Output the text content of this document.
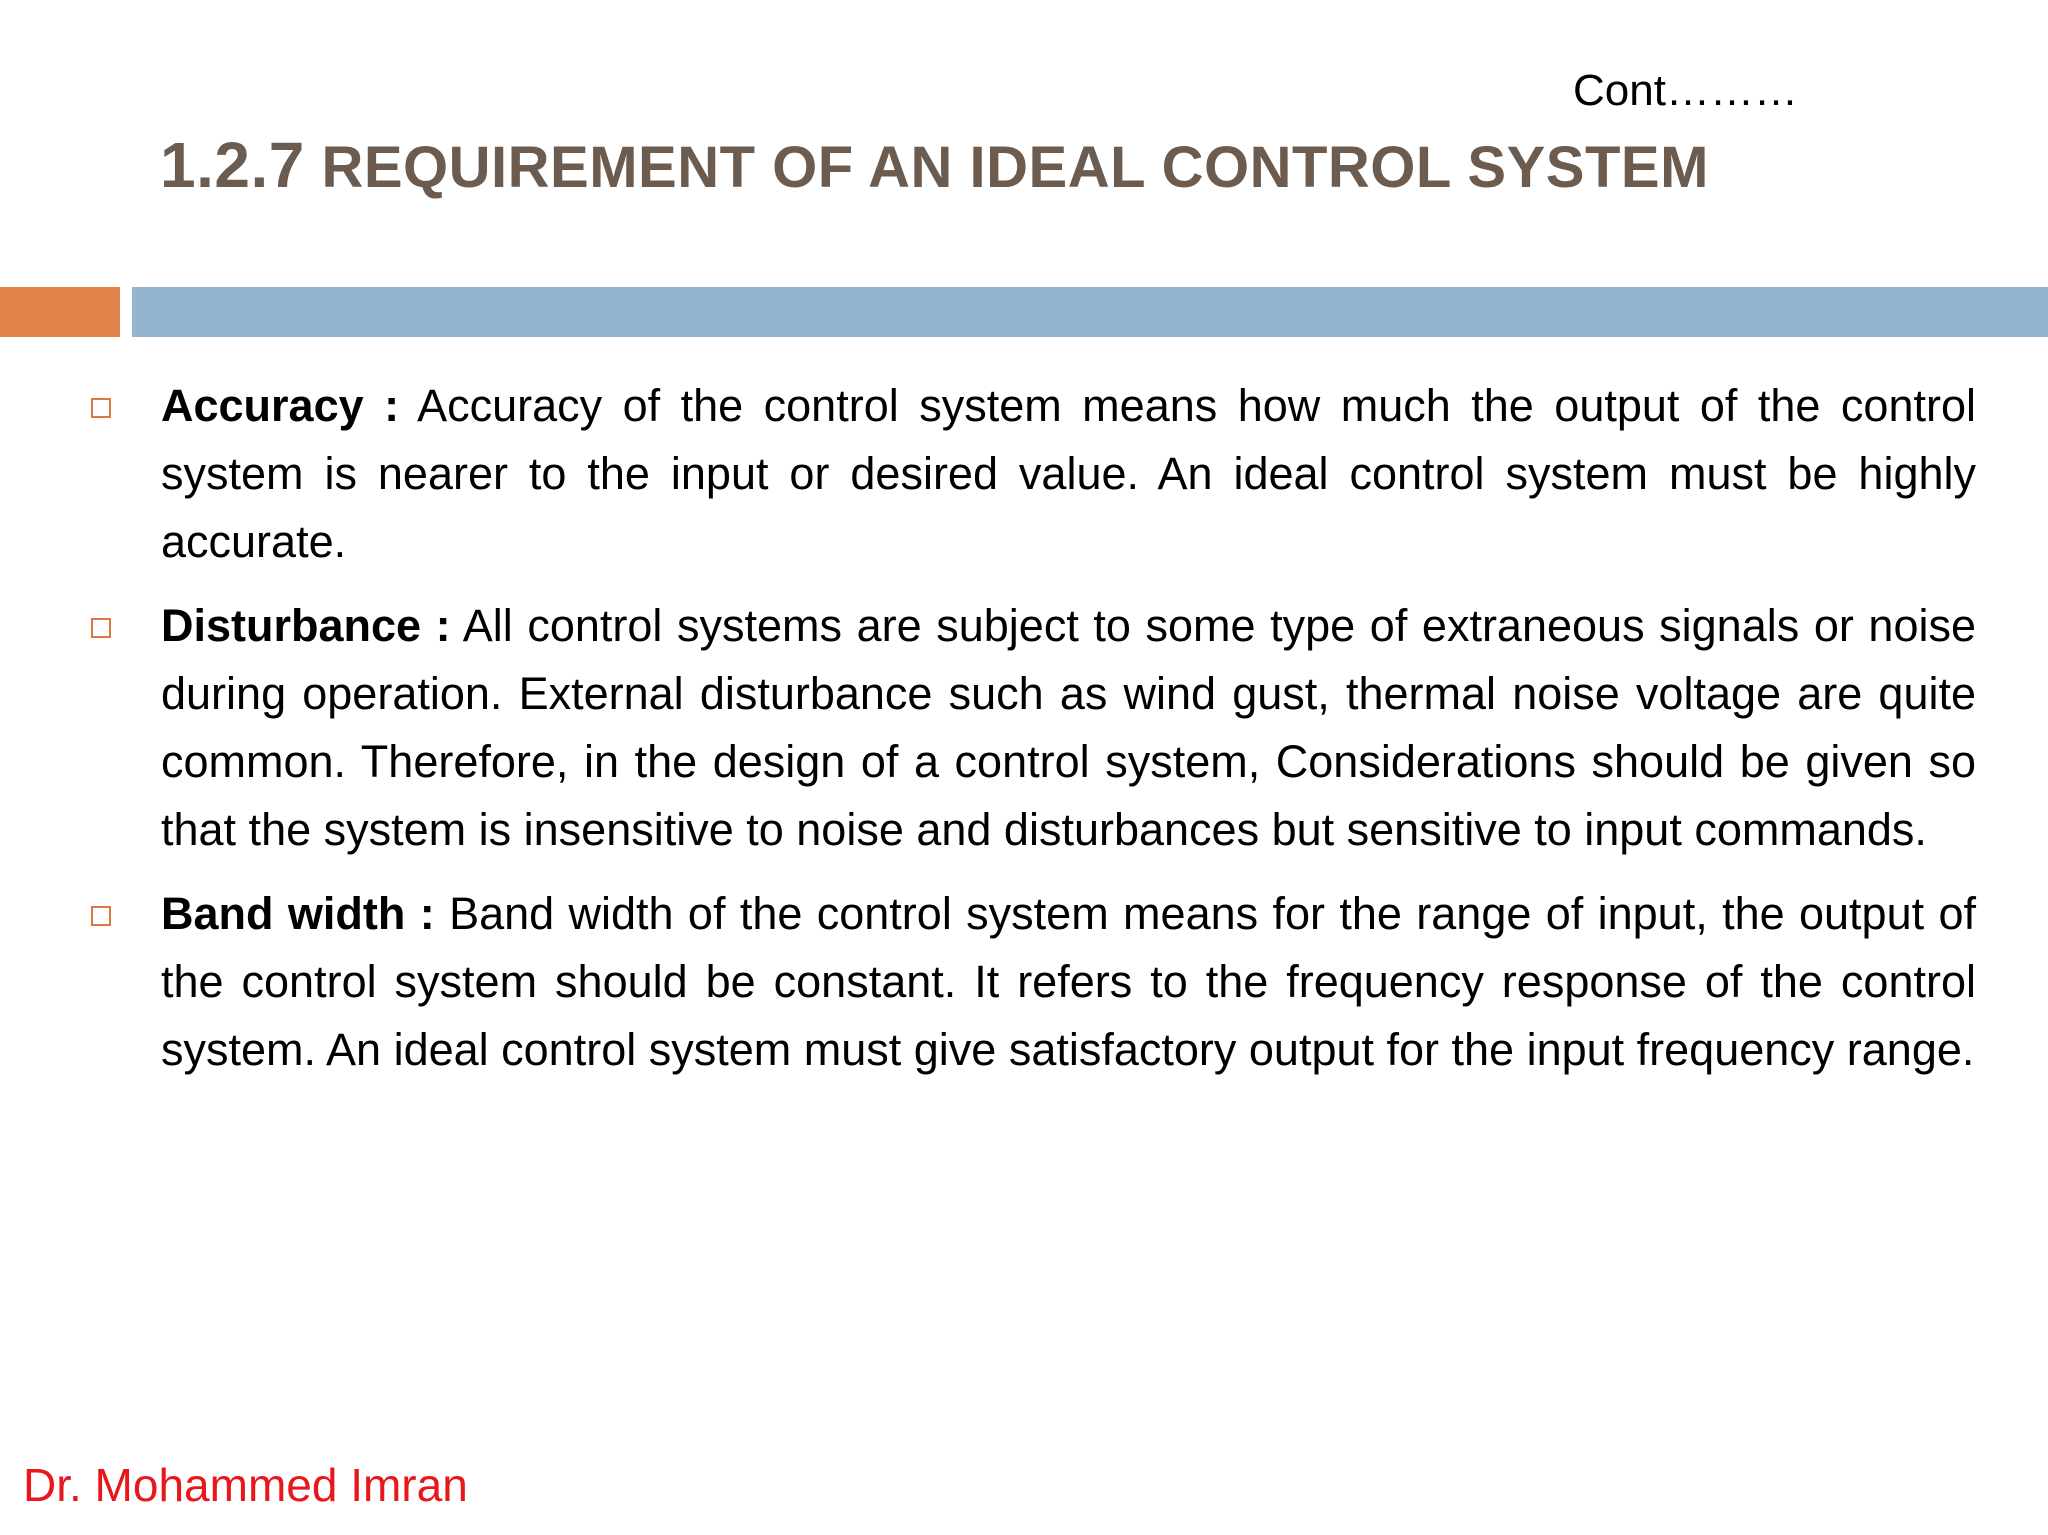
Cont………
1.2.7 REQUIREMENT OF AN IDEAL CONTROL SYSTEM
Accuracy : Accuracy of the control system means how much the output of the control system is nearer to the input or desired value. An ideal control system must be highly accurate.
Disturbance : All control systems are subject to some type of extraneous signals or noise during operation. External disturbance such as wind gust, thermal noise voltage are quite common. Therefore, in the design of a control system, Considerations should be given so that the system is insensitive to noise and disturbances but sensitive to input commands.
Band width : Band width of the control system means for the range of input, the output of the control system should be constant. It refers to the frequency response of the control system. An ideal control system must give satisfactory output for the input frequency range.
Dr. Mohammed Imran
